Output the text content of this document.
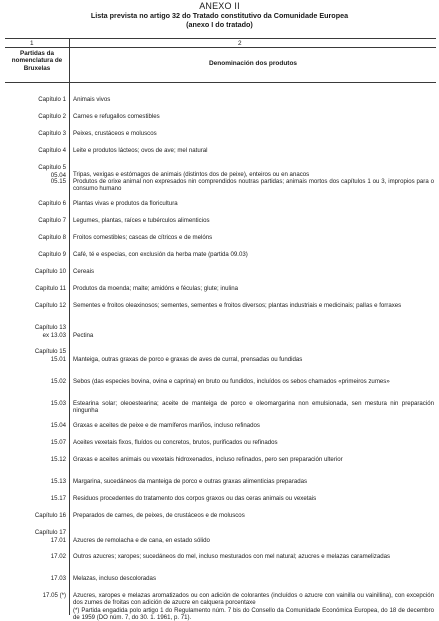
ANEXO II
Lista prevista no artigo 32 do Tratado constitutivo da Comunidade Europea
(anexo I do tratado)
1	2
Partidas da
nomenclatura de
Bruxelas
Denominación dos produtos
Capítulo 1 Animais vivos
Capítulo 2 Carnes e refugallos comestibles
Capítulo 3 Peixes, crustáceos e moluscos
Capítulo 4 Leite e produtos lácteos; ovos de ave; mel natural
Capítulo 5
05.04 Tripas, vexigas e estómagos de animais (distintos dos de peixe), enteiros ou en anacos
05.15 Produtos de orixe animal non expresados nin comprendidos noutras partidas; animais mortos dos capítulos 1 ou 3, impropios para o consumo humano
Capítulo 6 Plantas vivas e produtos da floricultura
Capítulo 7 Legumes, plantas, raíces e tubérculos alimenticios
Capítulo 8 Froitos comestibles; cascas de cítricos e de melóns
Capítulo 9 Café, té e especias, con exclusión da herba mate (partida 09.03)
Capítulo 10 Cereais
Capítulo 11 Produtos da moenda; malte; amidóns e féculas; glute; inulina
Capítulo 12 Sementes e froitos oleaxinosos; sementes, sementes e froitos diversos; plantas industriais e medicinais; palIas e forraxes
Capítulo 13
ex 13.03 Pectina
Capítulo 15
15.01 Manteiga, outras graxas de porco e graxas de aves de curral, prensadas ou fundidas
15.02 Sebos (das especies bovina, ovina e caprina) en bruto ou fundidos, incluídos os sebos chamados «primeiros zumes»
15.03 Estearina solar; oleoestearina; aceite de manteiga de porco e oleomargarina non emulsionada, sen mestura nin preparación ningunha
15.04 Graxas e aceites de peixe e de mamíferos mariños, incluso refinados
15.07 Aceites vexetais fixos, fluídos ou concretos, brutos, purificados ou refinados
15.12 Graxas e aceites animais ou vexetais hidroxenados, incluso refinados, pero sen preparación ulterior
15.13 Margarina, sucedáneos da manteiga de porco e outras graxas alimenticias preparadas
15.17 Residuos procedentes do tratamento dos corpos graxos ou das ceras animais ou vexetais
Capítulo 16 Preparados de carnes, de peixes, de crustáceos e de moluscos
Capítulo 17
17.01 Azucres de remolacha e de cana, en estado sólido
17.02 Outros azucres; xaropes; sucedáneos do mel, incluso mesturados con mel natural; azucres e melazas caramelizadas
17.03 Melazas, incluso descoloradas
17.05 (*) Azucres, xaropes e melazas aromatizados ou con adición de colorantes (incluídos o azucre con vainilla ou vainillina), con excepción dos zumes de froitas con adición de azucre en calquera porcentaxe
(*) Partida engadida polo artigo 1 do Regulamento núm. 7 bis do Consello da Comunidade Económica Europea, do 18 de decembro de 1959 (DO núm. 7, do 30. 1. 1961, p. 71).
